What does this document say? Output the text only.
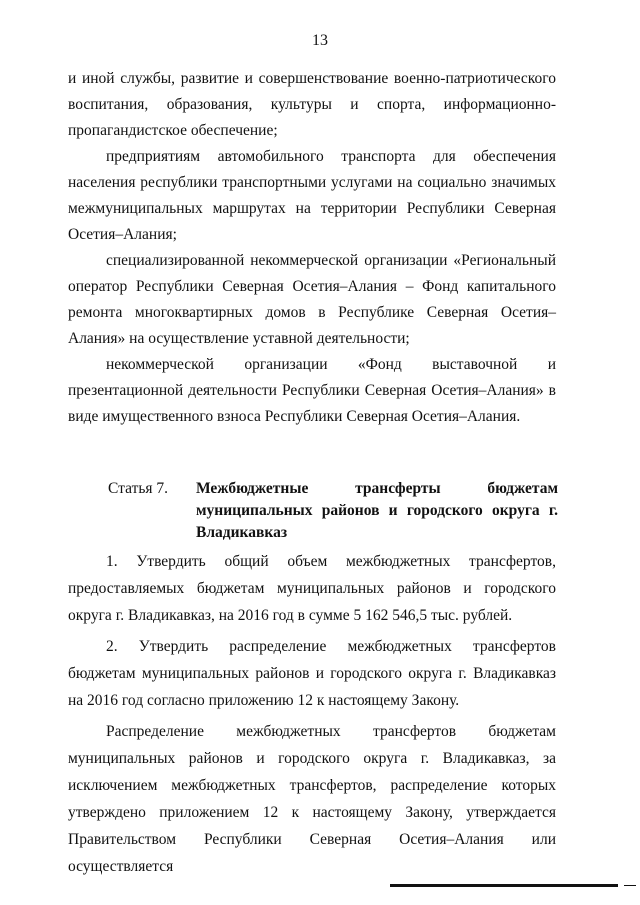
13

и иной службы, развитие и совершенствование военно-патриотического воспитания, образования, культуры и спорта, информационно-пропагандистское обеспечение;

предприятиям автомобильного транспорта для обеспечения населения республики транспортными услугами на социально значимых межмуниципальных маршрутах на территории Республики Северная Осетия–Алания;

специализированной некоммерческой организации «Региональный оператор Республики Северная Осетия–Алания – Фонд капитального ремонта многоквартирных домов в Республике Северная Осетия–Алания» на осуществление уставной деятельности;

некоммерческой организации «Фонд выставочной и презентационной деятельности Республики Северная Осетия–Алания» в виде имущественного взноса Республики Северная Осетия–Алания.

Статья 7.	Межбюджетные трансферты бюджетам муниципальных районов и городского округа г. Владикавказ

1. Утвердить общий объем межбюджетных трансфертов, предоставляемых бюджетам муниципальных районов и городского округа г. Владикавказ, на 2016 год в сумме 5 162 546,5 тыс. рублей.

2. Утвердить распределение межбюджетных трансфертов бюджетам муниципальных районов и городского округа г. Владикавказ на 2016 год согласно приложению 12 к настоящему Закону.

Распределение межбюджетных трансфертов бюджетам муниципальных районов и городского округа г. Владикавказ, за исключением межбюджетных трансфертов, распределение которых утверждено приложением 12 к настоящему Закону, утверждается Правительством Республики Северная Осетия–Алания или осуществляется
